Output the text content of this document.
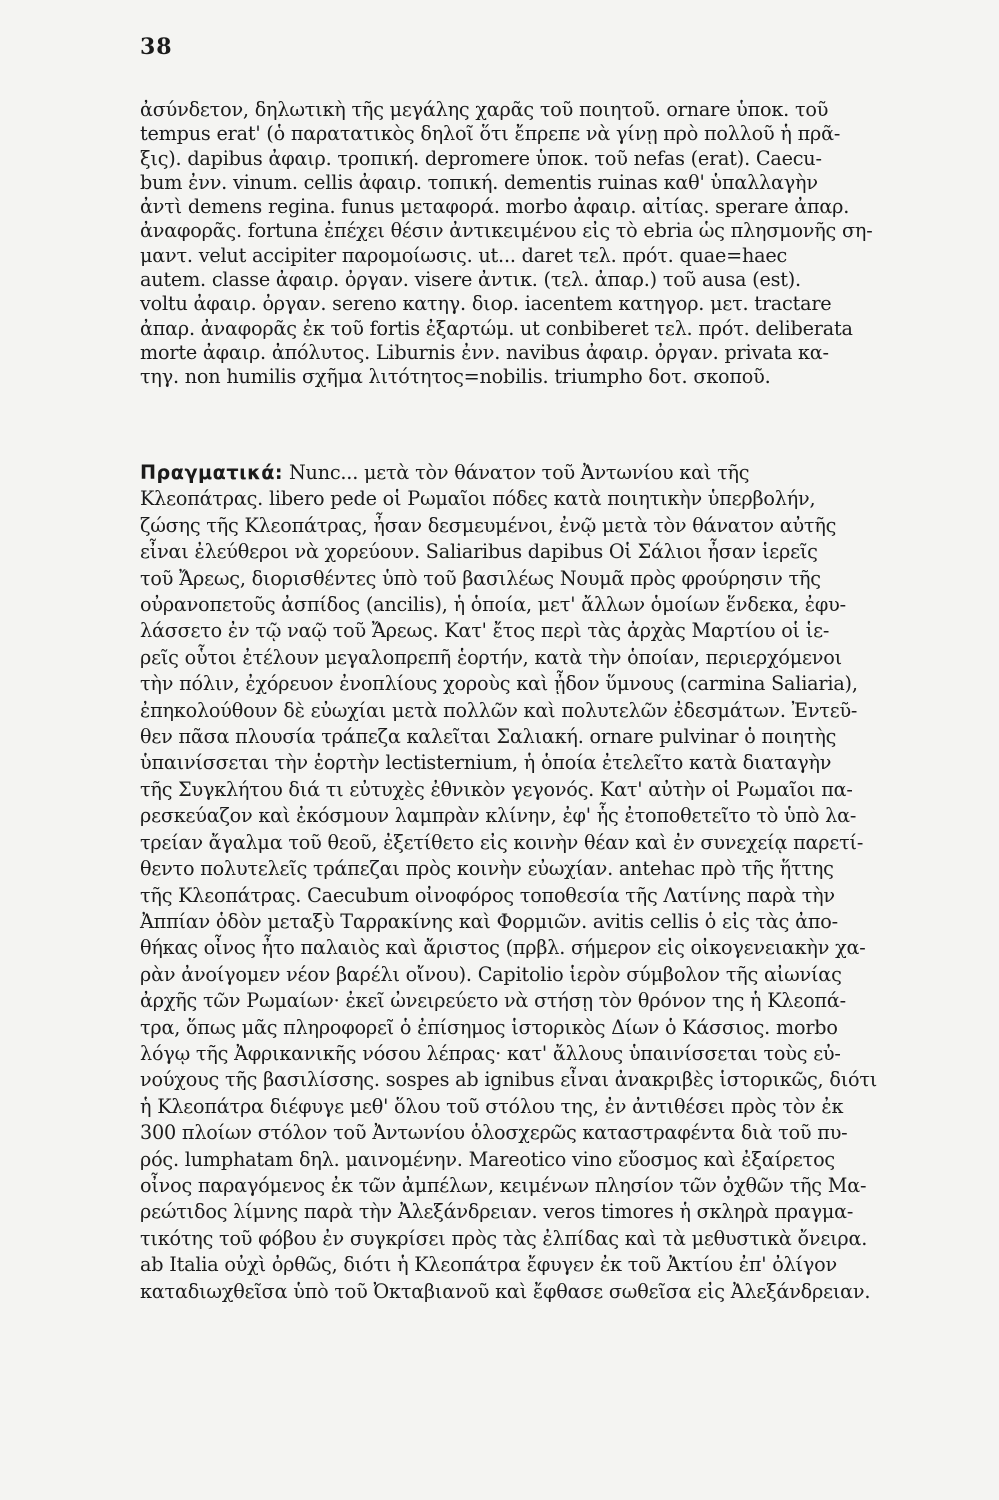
38
ἀσύνδετον, δηλωτικὴ τῆς μεγάλης χαρᾶς τοῦ ποιητοῦ. ornare ὑποκ. τοῦ
tempus erat' (ὁ παρατατικὸς δηλοῖ ὅτι ἔπρεπε νὰ γίνῃ πρὸ πολλοῦ ἡ πρᾶ-
ξις). dapibus ἀφαιρ. τροπική. depromere ὑποκ. τοῦ nefas (erat). Caecu-
bum ἐνν. vinum. cellis ἀφαιρ. τοπική. dementis ruinas καθ' ὑπαλλαγὴν
ἀντὶ demens regina. funus μεταφορά. morbo ἀφαιρ. αἰτίας. sperare ἀπαρ.
ἀναφορᾶς. fortuna ἐπέχει θέσιν ἀντικειμένου εἰς τὸ ebria ὡς πλησμονῆς ση-
μαντ. velut accipiter παρομοίωσις. ut... daret τελ. πρότ. quae=haec
autem. classe ἀφαιρ. ὀργαν. visere ἀντικ. (τελ. ἀπαρ.) τοῦ ausa (est).
voltu ἀφαιρ. ὀργαν. sereno κατηγ. διορ. iacentem κατηγορ. μετ. tractare
ἀπαρ. ἀναφορᾶς ἐκ τοῦ fortis ἐξαρτώμ. ut conbiberet τελ. πρότ. deliberata
morte ἀφαιρ. ἀπόλυτος. Liburnis ἐνν. navibus ἀφαιρ. ὀργαν. privata κα-
τηγ. non humilis σχῆμα λιτότητος=nobilis. triumpho δοτ. σκοποῦ.
Πραγματικά: Nunc... μετὰ τὸν θάνατον τοῦ Ἀντωνίου καὶ τῆς
Κλεοπάτρας. libero pede οἱ Ρωμαῖοι πόδες κατὰ ποιητικὴν ὑπερβολήν,
ζώσης τῆς Κλεοπάτρας, ἦσαν δεσμευμένοι, ἐνῷ μετὰ τὸν θάνατον αὐτῆς
εἶναι ἐλεύθεροι νὰ χορεύουν. Saliaribus dapibus Οἱ Σάλιοι ἦσαν ἱερεῖς
τοῦ Ἄρεως, διορισθέντες ὑπὸ τοῦ βασιλέως Νουμᾶ πρὸς φρούρησιν τῆς
οὐρανοπετοῦς ἀσπίδος (ancilis), ἡ ὁποία, μετ' ἄλλων ὁμοίων ἕνδεκα, ἐφυ-
λάσσετο ἐν τῷ ναῷ τοῦ Ἄρεως. Κατ' ἔτος περὶ τὰς ἀρχὰς Μαρτίου οἱ ἱε-
ρεῖς οὗτοι ἐτέλουν μεγαλοπρεπῆ ἑορτήν, κατὰ τὴν ὁποίαν, περιερχόμενοι
τὴν πόλιν, ἐχόρευον ἐνοπλίους χοροὺς καὶ ᾖδον ὕμνους (carmina Saliaria),
ἐπηκολούθουν δὲ εὐωχίαι μετὰ πολλῶν καὶ πολυτελῶν ἐδεσμάτων. Ἐντεῦ-
θεν πᾶσα πλουσία τράπεζα καλεῖται Σαλιακή. ornare pulvinar ὁ ποιητὴς
ὑπαινίσσεται τὴν ἑορτὴν lectisternium, ἡ ὁποία ἐτελεῖτο κατὰ διαταγὴν
τῆς Συγκλήτου διά τι εὐτυχὲς ἐθνικὸν γεγονός. Κατ' αὐτὴν οἱ Ρωμαῖοι πα-
ρεσκεύαζον καὶ ἐκόσμουν λαμπρὰν κλίνην, ἐφ' ἧς ἐτοποθετεῖτο τὸ ὑπὸ λα-
τρείαν ἄγαλμα τοῦ θεοῦ, ἐξετίθετο εἰς κοινὴν θέαν καὶ ἐν συνεχείᾳ παρετί-
θεντο πολυτελεῖς τράπεζαι πρὸς κοινὴν εὐωχίαν. antehac πρὸ τῆς ἥττης
τῆς Κλεοπάτρας. Caecubum οἰνοφόρος τοποθεσία τῆς Λατίνης παρὰ τὴν
Ἀππίαν ὁδὸν μεταξὺ Ταρρακίνης καὶ Φορμιῶν. avitis cellis ὁ εἰς τὰς ἀπο-
θήκας οἶνος ἦτο παλαιὸς καὶ ἄριστος (πρβλ. σήμερον εἰς οἰκογενειακὴν χα-
ρὰν ἀνοίγομεν νέον βαρέλι οἴνου). Capitolio ἱερὸν σύμβολον τῆς αἰωνίας
ἀρχῆς τῶν Ρωμαίων· ἐκεῖ ὠνειρεύετο νὰ στήσῃ τὸν θρόνον της ἡ Κλεοπά-
τρα, ὅπως μᾶς πληροφορεῖ ὁ ἐπίσημος ἱστορικὸς Δίων ὁ Κάσσιος. morbo
λόγῳ τῆς Ἀφρικανικῆς νόσου λέπρας· κατ' ἄλλους ὑπαινίσσεται τοὺς εὐ-
νούχους τῆς βασιλίσσης. sospes ab ignibus εἶναι ἀνακριβὲς ἱστορικῶς, διότι
ἡ Κλεοπάτρα διέφυγε μεθ' ὅλου τοῦ στόλου της, ἐν ἀντιθέσει πρὸς τὸν ἐκ
300 πλοίων στόλον τοῦ Ἀντωνίου ὁλοσχερῶς καταστραφέντα διὰ τοῦ πυ-
ρός. lumphatam δηλ. μαινομένην. Mareotico vino εὔοσμος καὶ ἐξαίρετος
οἶνος παραγόμενος ἐκ τῶν ἀμπέλων, κειμένων πλησίον τῶν ὀχθῶν τῆς Μα-
ρεώτιδος λίμνης παρὰ τὴν Ἀλεξάνδρειαν. veros timores ἡ σκληρὰ πραγμα-
τικότης τοῦ φόβου ἐν συγκρίσει πρὸς τὰς ἐλπίδας καὶ τὰ μεθυστικὰ ὄνειρα.
ab Italia οὐχὶ ὀρθῶς, διότι ἡ Κλεοπάτρα ἔφυγεν ἐκ τοῦ Ἀκτίου ἐπ' ὀλίγον
καταδιωχθεῖσα ὑπὸ τοῦ Ὀκταβιανοῦ καὶ ἔφθασε σωθεῖσα εἰς Ἀλεξάνδρειαν.
